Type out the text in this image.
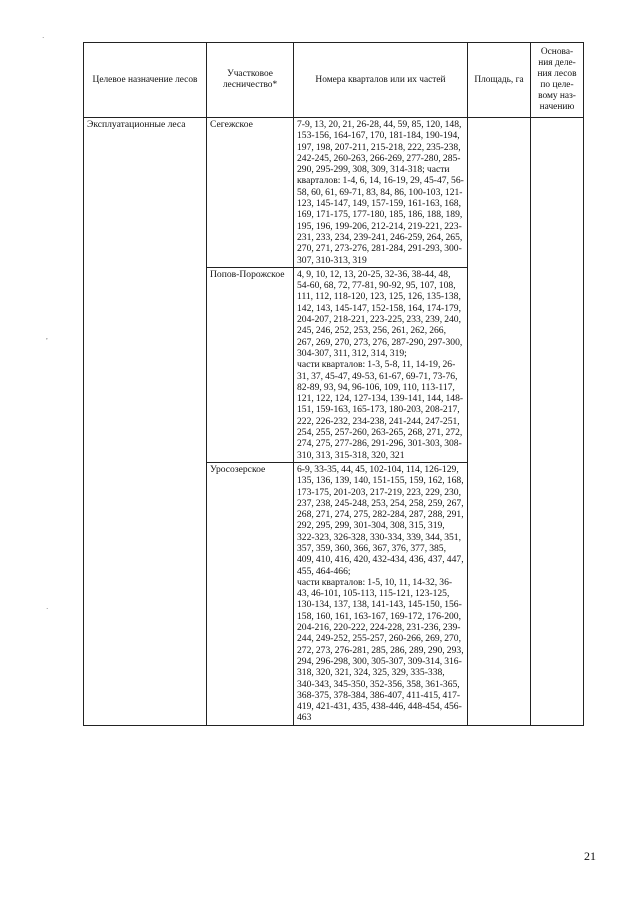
Целевое назначение лесов	Участковое лесничество*	Номера кварталов или их частей	Площадь, га	Основа-ния деле-ния лесов по целе-вому наз-начению
Эксплуатационные леса	Сегежское	7-9, 13, 20, 21, 26-28, 44, 59, 85, 120, 148, 153-156, 164-167, 170, 181-184, 190-194, 197, 198, 207-211, 215-218, 222, 235-238, 242-245, 260-263, 266-269, 277-280, 285-290, 295-299, 308, 309, 314-318; части кварталов: 1-4, 6, 14, 16-19, 29, 45-47, 56-58, 60, 61, 69-71, 83, 84, 86, 100-103, 121-123, 145-147, 149, 157-159, 161-163, 168, 169, 171-175, 177-180, 185, 186, 188, 189, 195, 196, 199-206, 212-214, 219-221, 223-231, 233, 234, 239-241, 246-259, 264, 265, 270, 271, 273-276, 281-284, 291-293, 300-307, 310-313, 319		
	Попов-Порожское	4, 9, 10, 12, 13, 20-25, 32-36, 38-44, 48, 54-60, 68, 72, 77-81, 90-92, 95, 107, 108, 111, 112, 118-120, 123, 125, 126, 135-138, 142, 143, 145-147, 152-158, 164, 174-179, 204-207, 218-221, 223-225, 233, 239, 240, 245, 246, 252, 253, 256, 261, 262, 266, 267, 269, 270, 273, 276, 287-290, 297-300, 304-307, 311, 312, 314, 319;
части кварталов: 1-3, 5-8, 11, 14-19, 26-31, 37, 45-47, 49-53, 61-67, 69-71, 73-76, 82-89, 93, 94, 96-106, 109, 110, 113-117, 121, 122, 124, 127-134, 139-141, 144, 148-151, 159-163, 165-173, 180-203, 208-217, 222, 226-232, 234-238, 241-244, 247-251, 254, 255, 257-260, 263-265, 268, 271, 272, 274, 275, 277-286, 291-296, 301-303, 308-310, 313, 315-318, 320, 321		

	Уросозерское	6-9, 33-35, 44, 45, 102-104, 114, 126-129, 135, 136, 139, 140, 151-155, 159, 162, 168, 173-175, 201-203, 217-219, 223, 229, 230, 237, 238, 245-248, 253, 254, 258, 259, 267, 268, 271, 274, 275, 282-284, 287, 288, 291, 292, 295, 299, 301-304, 308, 315, 319, 322-323, 326-328, 330-334, 339, 344, 351, 357, 359, 360, 366, 367, 376, 377, 385, 409, 410, 416, 420, 432-434, 436, 437, 447, 455, 464-466;
части кварталов: 1-5, 10, 11, 14-32, 36-43, 46-101, 105-113, 115-121, 123-125, 130-134, 137, 138, 141-143, 145-150, 156-158, 160, 161, 163-167, 169-172, 176-200, 204-216, 220-222, 224-228, 231-236, 239-244, 249-252, 255-257, 260-266, 269, 270, 272, 273, 276-281, 285, 286, 289, 290, 293, 294, 296-298, 300, 305-307, 309-314, 316-318, 320, 321, 324, 325, 329, 335-338, 340-343, 345-350, 352-356, 358, 361-365, 368-375, 378-384, 386-407, 411-415, 417-419, 421-431, 435, 438-446, 448-454, 456-463		
21
·
,
·
